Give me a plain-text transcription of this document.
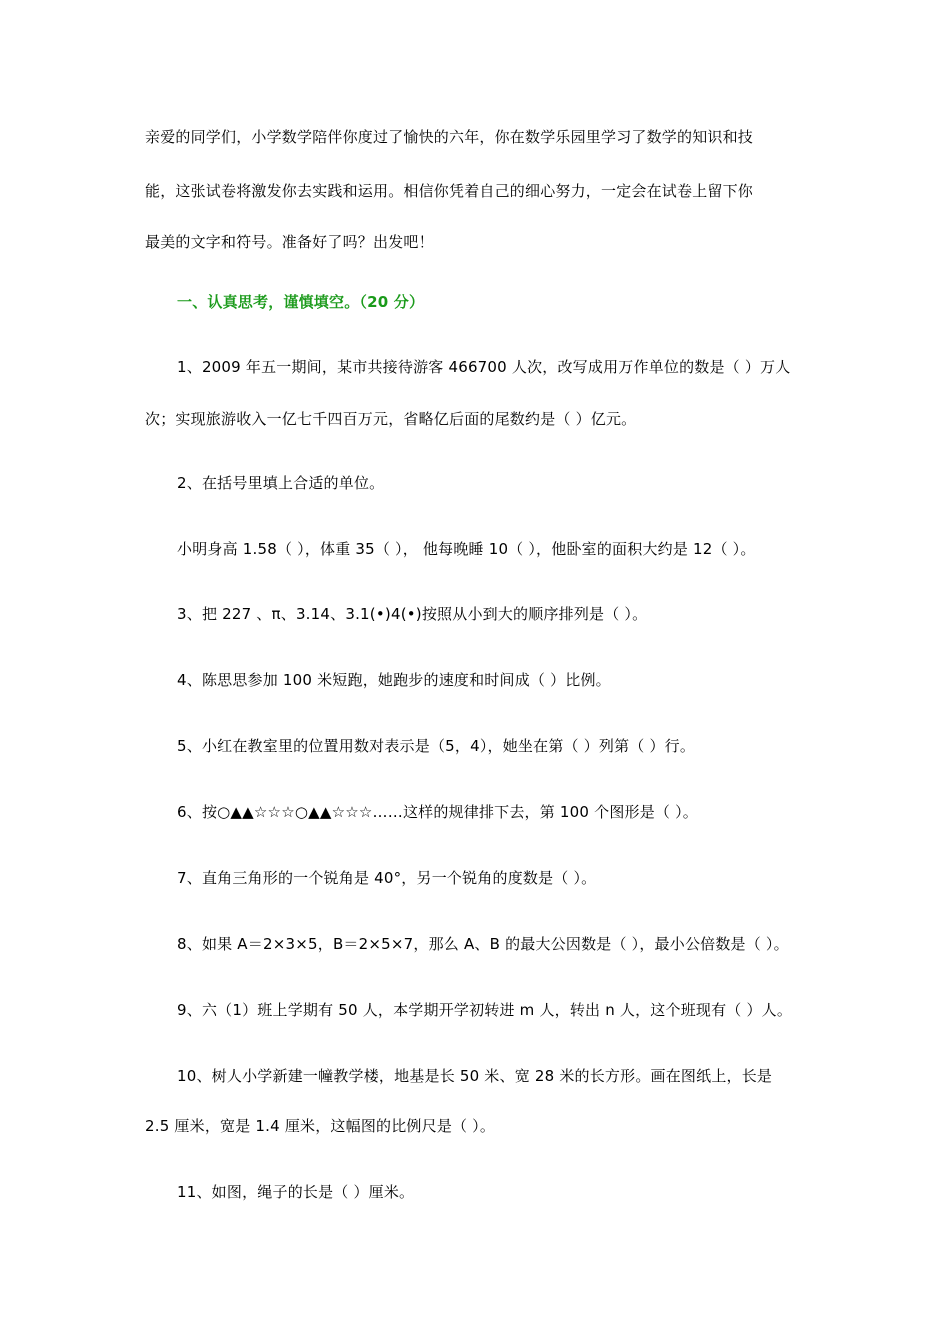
亲爱的同学们，小学数学陪伴你度过了愉快的六年，你在数学乐园里学习了数学的知识和技
能，这张试卷将激发你去实践和运用。相信你凭着自己的细心努力，一定会在试卷上留下你
最美的文字和符号。准备好了吗？出发吧！
一、认真思考，谨慎填空。（20 分）
1、2009 年五一期间，某市共接待游客 466700 人次，改写成用万作单位的数是（ ）万人
次；实现旅游收入一亿七千四百万元，省略亿后面的尾数约是（ ）亿元。
2、在括号里填上合适的单位。
小明身高 1.58（ ），体重 35（ ）， 他每晚睡 10（ ），他卧室的面积大约是 12（ ）。
3、把 227 、π、3.14、3.1(•)4(•)按照从小到大的顺序排列是（ ）。
4、陈思思参加 100 米短跑，她跑步的速度和时间成（ ）比例。
5、小红在教室里的位置用数对表示是（5，4），她坐在第（ ）列第（ ）行。
6、按○▲▲☆☆☆○▲▲☆☆☆……这样的规律排下去，第 100 个图形是（ ）。
7、直角三角形的一个锐角是 40°，另一个锐角的度数是（ ）。
8、如果 A＝2×3×5，B＝2×5×7，那么 A、B 的最大公因数是（ ），最小公倍数是（ ）。
9、六（1）班上学期有 50 人，本学期开学初转进 m 人，转出 n 人，这个班现有（ ）人。
10、树人小学新建一幢教学楼，地基是长 50 米、宽 28 米的长方形。画在图纸上，长是
2.5 厘米，宽是 1.4 厘米，这幅图的比例尺是（ ）。
11、如图，绳子的长是（ ）厘米。
